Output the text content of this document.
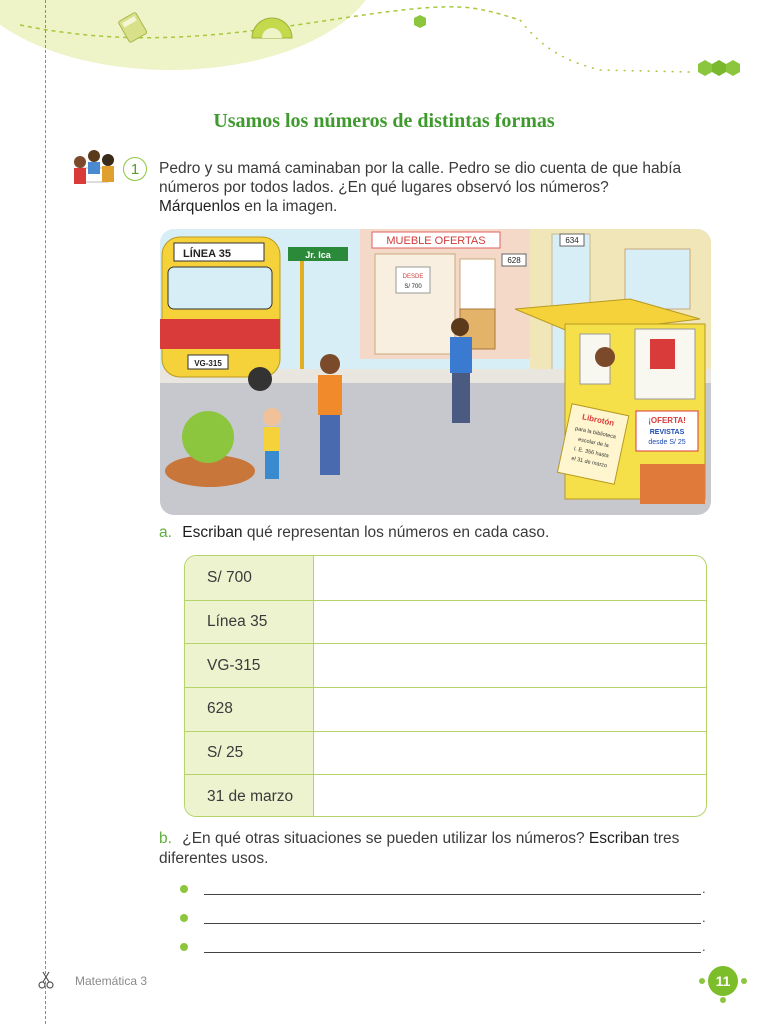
Usamos los números de distintas formas
1	Pedro y su mamá caminaban por la calle. Pedro se dio cuenta de que había números por todos lados. ¿En qué lugares observó los números?
Márquenlos en la imagen.
MUEBLE OFERTAS
DESDE
S/ 700
628
634
LÍNEA 35
VG-315
Jr. Ica
¡OFERTA!
REVISTAS
desde S/ 25
Librotón
para la biblioteca
escolar de la
I. E. 356 hasta
el 31 de marzo
a. Escriban qué representan los números en cada caso.
S/ 700
Línea 35
VG-315
628
S/ 25
31 de marzo
b. ¿En qué otras situaciones se pueden utilizar los números? Escriban tres diferentes usos.
.
.
.
Matemática 3	11
